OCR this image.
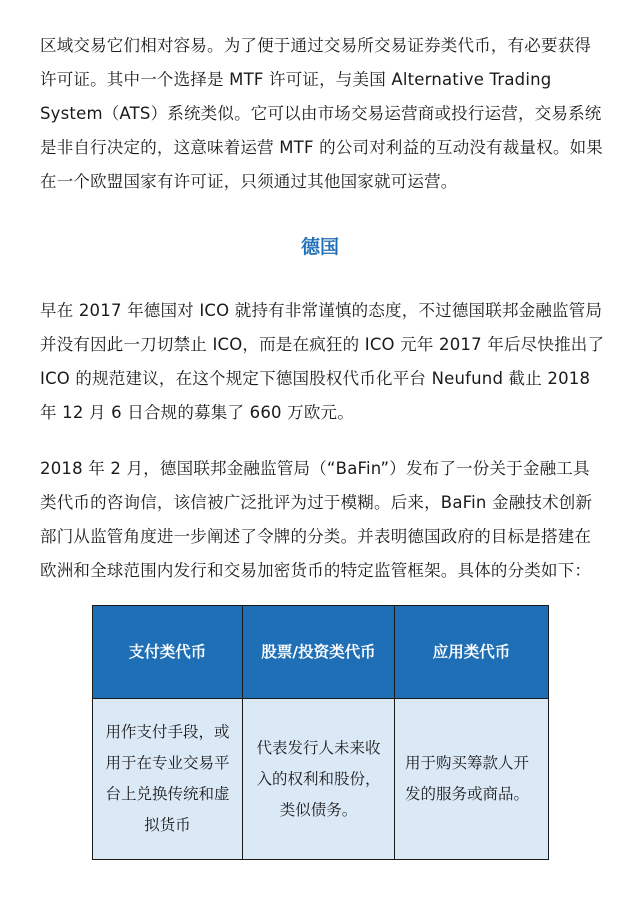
区域交易它们相对容易。为了便于通过交易所交易证券类代币，有必要获得许可证。其中一个选择是 MTF 许可证，与美国 Alternative Trading System（ATS）系统类似。它可以由市场交易运营商或投行运营，交易系统是非自行决定的，这意味着运营 MTF 的公司对利益的互动没有裁量权。如果在一个欧盟国家有许可证，只须通过其他国家就可运营。

德国

早在 2017 年德国对 ICO 就持有非常谨慎的态度，不过德国联邦金融监管局并没有因此一刀切禁止 ICO，而是在疯狂的 ICO 元年 2017 年后尽快推出了 ICO 的规范建议，在这个规定下德国股权代币化平台 Neufund 截止 2018 年 12 月 6 日合规的募集了 660 万欧元。

2018 年 2 月，德国联邦金融监管局（“BaFin”）发布了一份关于金融工具类代币的咨询信，该信被广泛批评为过于模糊。后来，BaFin 金融技术创新部门从监管角度进一步阐述了令牌的分类。并表明德国政府的目标是搭建在欧洲和全球范围内发行和交易加密货币的特定监管框架。具体的分类如下：

支付类代币	股票/投资类代币	应用类代币
用作支付手段，或用于在专业交易平台上兑换传统和虚拟货币	代表发行人未来收入的权利和股份，类似债务。	用于购买筹款人开发的服务或商品。
